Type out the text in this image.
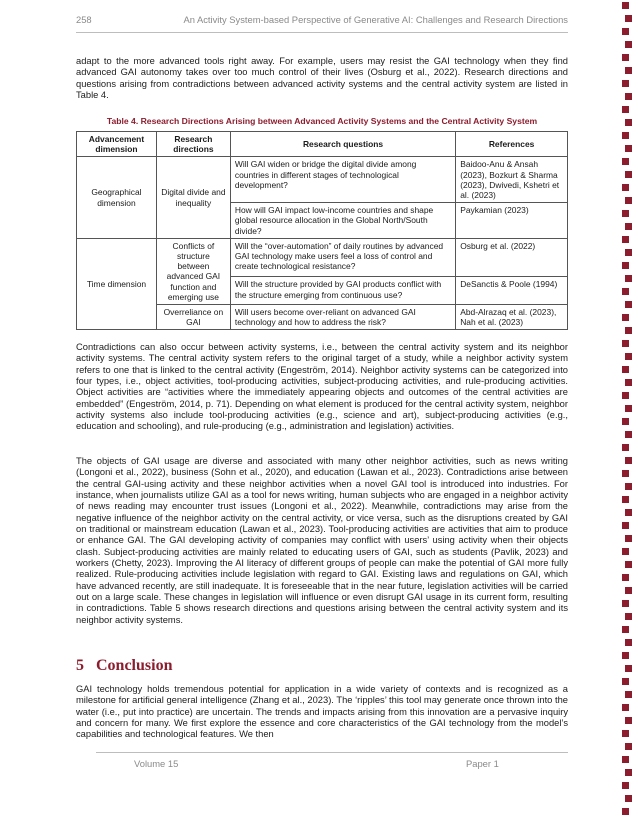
258	An Activity System-based Perspective of Generative AI: Challenges and Research Directions

adapt to the more advanced tools right away. For example, users may resist the GAI technology when they find advanced GAI autonomy takes over too much control of their lives (Osburg et al., 2022). Research directions and questions arising from contradictions between advanced activity systems and the central activity system are listed in Table 4.

Table 4. Research Directions Arising between Advanced Activity Systems and the Central Activity System
Advancement dimension	Research directions	Research questions	References
Geographical dimension	Digital divide and inequality	Will GAI widen or bridge the digital divide among countries in different stages of technological development?	Baidoo-Anu & Ansah (2023), Bozkurt & Sharma (2023), Dwivedi, Kshetri et al. (2023)
		How will GAI impact low-income countries and shape global resource allocation in the Global North/South divide?	Paykamian (2023)
Time dimension	Conflicts of structure between advanced GAI function and emerging use	Will the “over-automation” of daily routines by advanced GAI technology make users feel a loss of control and create technological resistance?	Osburg et al. (2022)
		Will the structure provided by GAI products conflict with the structure emerging from continuous use?	DeSanctis & Poole (1994)
	Overreliance on GAI	Will users become over-reliant on advanced GAI technology and how to address the risk?	Abd-Alrazaq et al. (2023), Nah et al. (2023)

Contradictions can also occur between activity systems, i.e., between the central activity system and its neighbor activity systems. The central activity system refers to the original target of a study, while a neighbor activity system refers to one that is linked to the central activity (Engeström, 2014). Neighbor activity systems can be categorized into four types, i.e., object activities, tool-producing activities, subject-producing activities, and rule-producing activities. Object activities are “activities where the immediately appearing objects and outcomes of the central activities are embedded” (Engeström, 2014, p. 71). Depending on what element is produced for the central activity system, neighbor activity systems also include tool-producing activities (e.g., science and art), subject-producing activities (e.g., education and schooling), and rule-producing (e.g., administration and legislation) activities.

The objects of GAI usage are diverse and associated with many other neighbor activities, such as news writing (Longoni et al., 2022), business (Sohn et al., 2020), and education (Lawan et al., 2023). Contradictions arise between the central GAI-using activity and these neighbor activities when a novel GAI tool is introduced into industries. For instance, when journalists utilize GAI as a tool for news writing, human subjects who are engaged in a neighbor activity of news reading may encounter trust issues (Longoni et al., 2022). Meanwhile, contradictions may arise from the negative influence of the neighbor activity on the central activity, or vice versa, such as the disruptions created by GAI on traditional or mainstream education (Lawan et al., 2023). Tool-producing activities are activities that aim to produce or enhance GAI. The GAI developing activity of companies may conflict with users’ using activity when their objects clash. Subject-producing activities are mainly related to educating users of GAI, such as students (Pavlik, 2023) and workers (Chetty, 2023). Improving the AI literacy of different groups of people can make the potential of GAI more fully realized. Rule-producing activities include legislation with regard to GAI. Existing laws and regulations on GAI, which have advanced recently, are still inadequate. It is foreseeable that in the near future, legislation activities will be carried out on a large scale. These changes in legislation will influence or even disrupt GAI usage in its current form, resulting in contradictions. Table 5 shows research directions and questions arising between the central activity system and its neighbor activity systems.

5 Conclusion

GAI technology holds tremendous potential for application in a wide variety of contexts and is recognized as a milestone for artificial general intelligence (Zhang et al., 2023). The ‘ripples’ this tool may generate once thrown into the water (i.e., put into practice) are uncertain. The trends and impacts arising from this innovation are a pervasive inquiry and concern for many. We first explore the essence and core characteristics of the GAI technology from the model’s capabilities and technological features. We then

Volume 15	Paper 1
